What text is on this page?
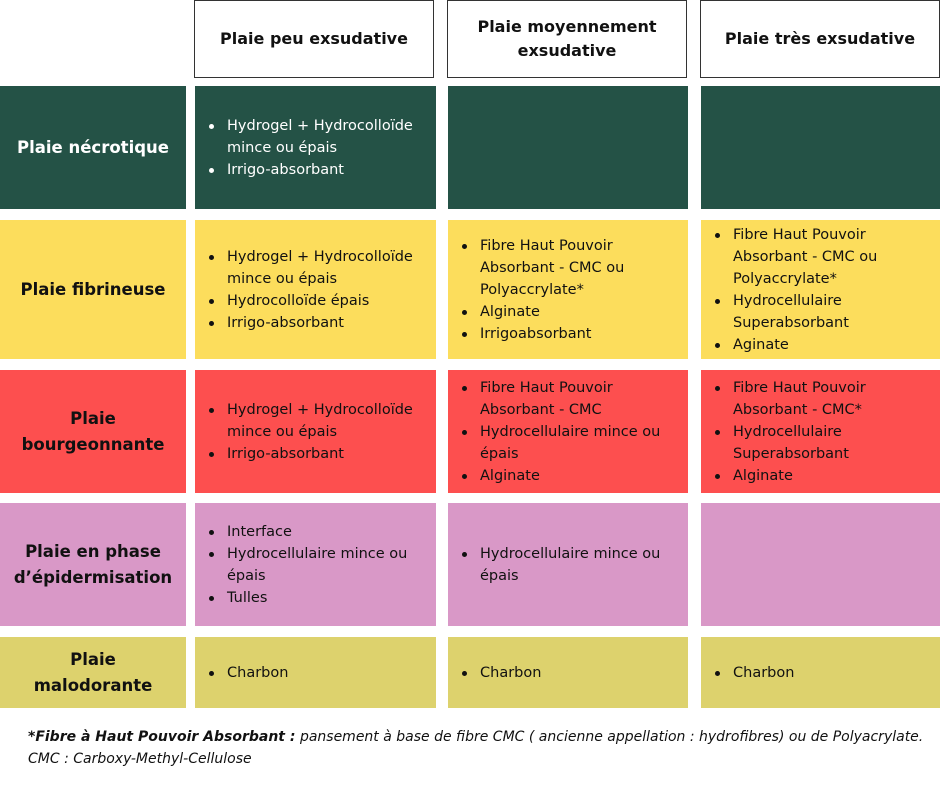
Plaie peu exsudative
Plaie moyennement exsudative
Plaie très exsudative
Plaie nécrotique
Hydrogel + Hydrocolloïde mince ou épais
Irrigo-absorbant
Plaie fibrineuse
Hydrogel + Hydrocolloïde mince ou épais
Hydrocolloïde épais
Irrigo-absorbant
Fibre Haut Pouvoir Absorbant - CMC ou Polyaccrylate*
Alginate
Irrigoabsorbant
Fibre Haut Pouvoir Absorbant - CMC ou Polyaccrylate*
Hydrocellulaire Superabsorbant
Aginate
Plaie bourgeonnante
Hydrogel + Hydrocolloïde mince ou épais
Irrigo-absorbant
Fibre Haut Pouvoir Absorbant - CMC
Hydrocellulaire mince ou épais
Alginate
Fibre Haut Pouvoir Absorbant - CMC*
Hydrocellulaire Superabsorbant
Alginate
Plaie en phase d’épidermisation
Interface
Hydrocellulaire mince ou épais
Tulles
Hydrocellulaire mince ou épais
Plaie malodorante
Charbon	Charbon	Charbon
*Fibre à Haut Pouvoir Absorbant : pansement à base de fibre CMC ( ancienne appellation : hydrofibres) ou de Polyacrylate.
CMC : Carboxy-Methyl-Cellulose
